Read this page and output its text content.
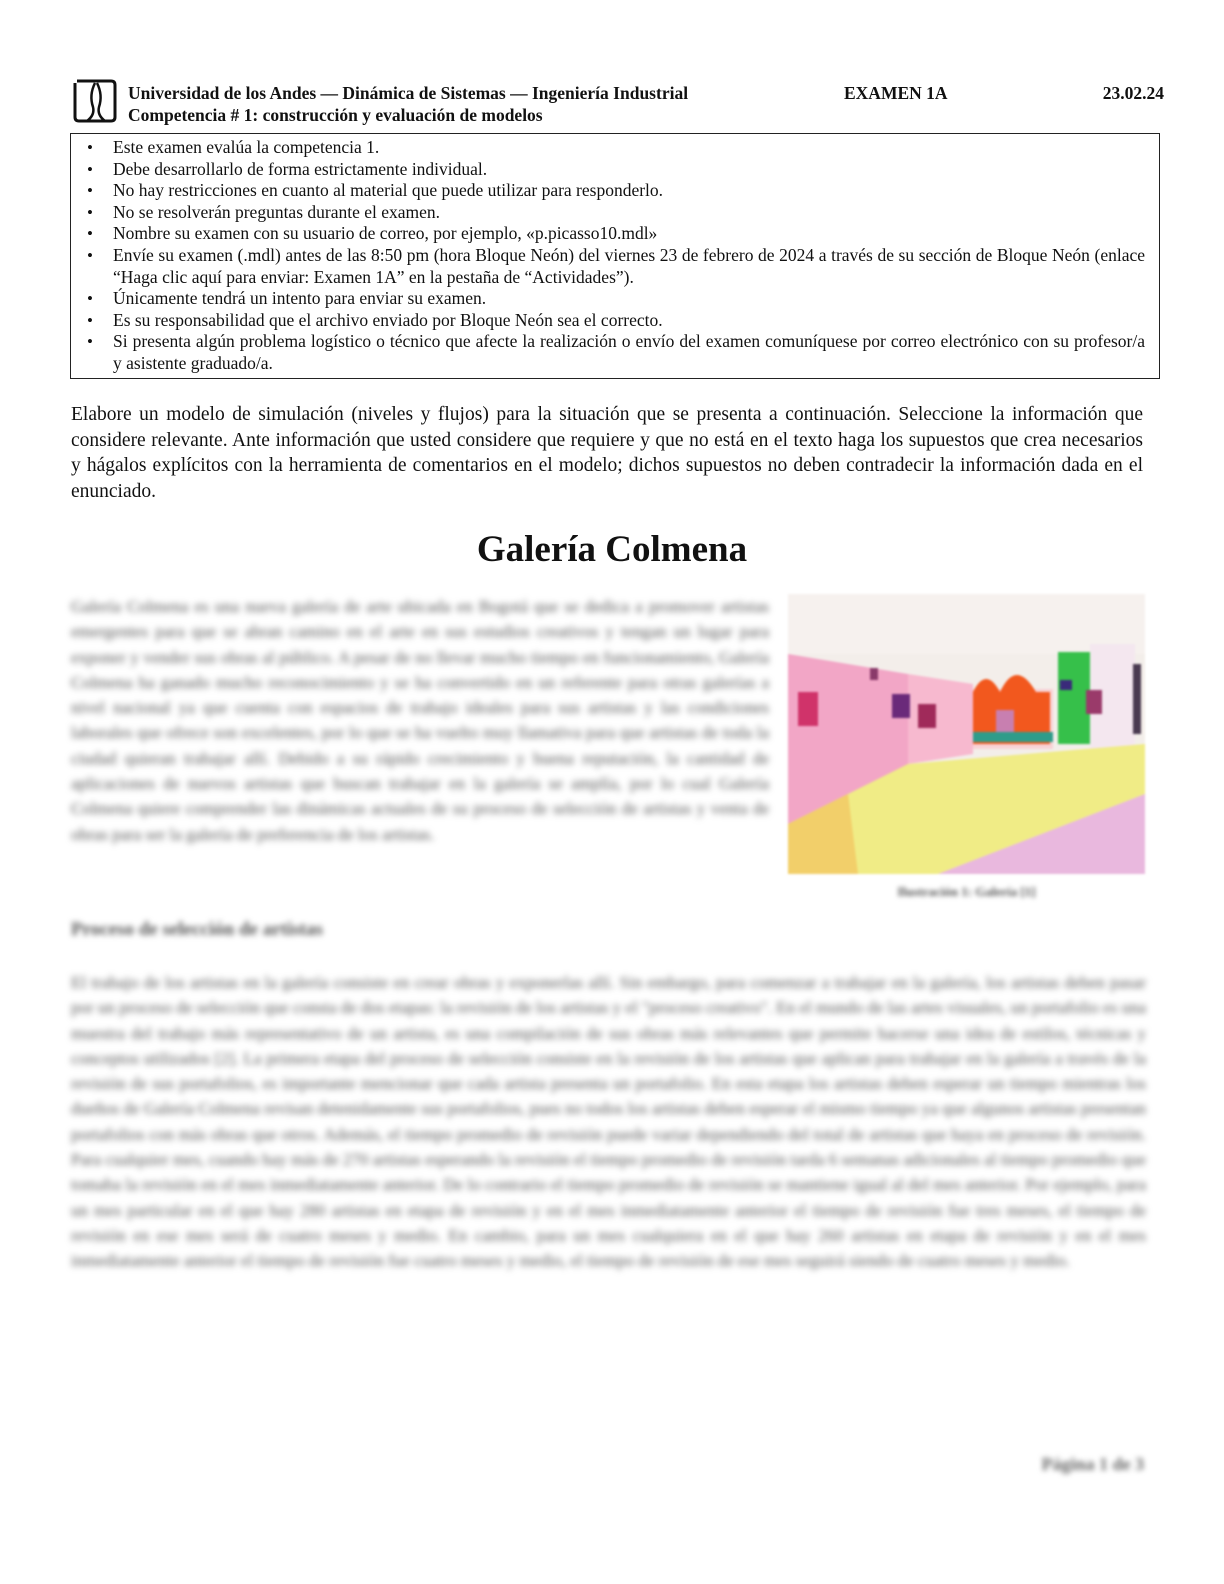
Universidad de los Andes — Dinámica de Sistemas — Ingeniería Industrial
Competencia # 1: construcción y evaluación de modelos
EXAMEN 1A	23.02.24
• Este examen evalúa la competencia 1.
• Debe desarrollarlo de forma estrictamente individual.
• No hay restricciones en cuanto al material que puede utilizar para responderlo.
• No se resolverán preguntas durante el examen.
• Nombre su examen con su usuario de correo, por ejemplo, «p.picasso10.mdl»
• Envíe su examen (.mdl) antes de las 8:50 pm (hora Bloque Neón) del viernes 23 de febrero de 2024 a través de su sección de Bloque Neón (enlace “Haga clic aquí para enviar: Examen 1A” en la pestaña de “Actividades”).
• Únicamente tendrá un intento para enviar su examen.
• Es su responsabilidad que el archivo enviado por Bloque Neón sea el correcto.
• Si presenta algún problema logístico o técnico que afecte la realización o envío del examen comuníquese por correo electrónico con su profesor/a y asistente graduado/a.
Elabore un modelo de simulación (niveles y flujos) para la situación que se presenta a continuación. Seleccione la información que considere relevante. Ante información que usted considere que requiere y que no está en el texto haga los supuestos que crea necesarios y hágalos explícitos con la herramienta de comentarios en el modelo; dichos supuestos no deben contradecir la información dada en el enunciado.
Galería Colmena
Galería Colmena es una nueva galería de arte ubicada en Bogotá que se dedica a promover artistas emergentes para que se abran camino en el arte en sus estudios creativos y tengan un lugar para exponer y vender sus obras al público. A pesar de no llevar mucho tiempo en funcionamiento, Galería Colmena ha ganado mucho reconocimiento y se ha convertido en un referente para otras galerías a nivel nacional ya que cuenta con espacios de trabajo ideales para sus artistas y las condiciones laborales que ofrece son excelentes, por lo que se ha vuelto muy llamativa para que artistas de toda la ciudad quieran trabajar allí. Debido a su rápido crecimiento y buena reputación, la cantidad de aplicaciones de nuevos artistas que buscan trabajar en la galería se amplía, por lo cual Galería Colmena quiere comprender las dinámicas actuales de su proceso de selección de artistas y venta de obras para ser la galería de preferencia de los artistas.
Ilustración 1: Galería [1]
Proceso de selección de artistas
El trabajo de los artistas en la galería consiste en crear obras y exponerlas allí. Sin embargo, para comenzar a trabajar en la galería, los artistas deben pasar por un proceso de selección que consta de dos etapas: la revisión de los artistas y el "proceso creativo". En el mundo de las artes visuales, un portafolio es una muestra del trabajo más representativo de un artista, es una compilación de sus obras más relevantes que permite hacerse una idea de estilos, técnicas y conceptos utilizados [2]. La primera etapa del proceso de selección consiste en la revisión de los artistas que aplican para trabajar en la galería a través de la revisión de sus portafolios, es importante mencionar que cada artista presenta un portafolio. En esta etapa los artistas deben esperar un tiempo mientras los dueños de Galería Colmena revisan detenidamente sus portafolios, pues no todos los artistas deben esperar el mismo tiempo ya que algunos artistas presentan portafolios con más obras que otros. Además, el tiempo promedio de revisión puede variar dependiendo del total de artistas que haya en proceso de revisión. Para cualquier mes, cuando hay más de 270 artistas esperando la revisión el tiempo promedio de revisión tarda 6 semanas adicionales al tiempo promedio que tomaba la revisión en el mes inmediatamente anterior. De lo contrario el tiempo promedio de revisión se mantiene igual al del mes anterior. Por ejemplo, para un mes particular en el que hay 280 artistas en etapa de revisión y en el mes inmediatamente anterior el tiempo de revisión fue tres meses, el tiempo de revisión en ese mes será de cuatro meses y medio. En cambio, para un mes cualquiera en el que hay 260 artistas en etapa de revisión y en el mes inmediatamente anterior el tiempo de revisión fue cuatro meses y medio, el tiempo de revisión de ese mes seguirá siendo de cuatro meses y medio.
Página 1 de 3
